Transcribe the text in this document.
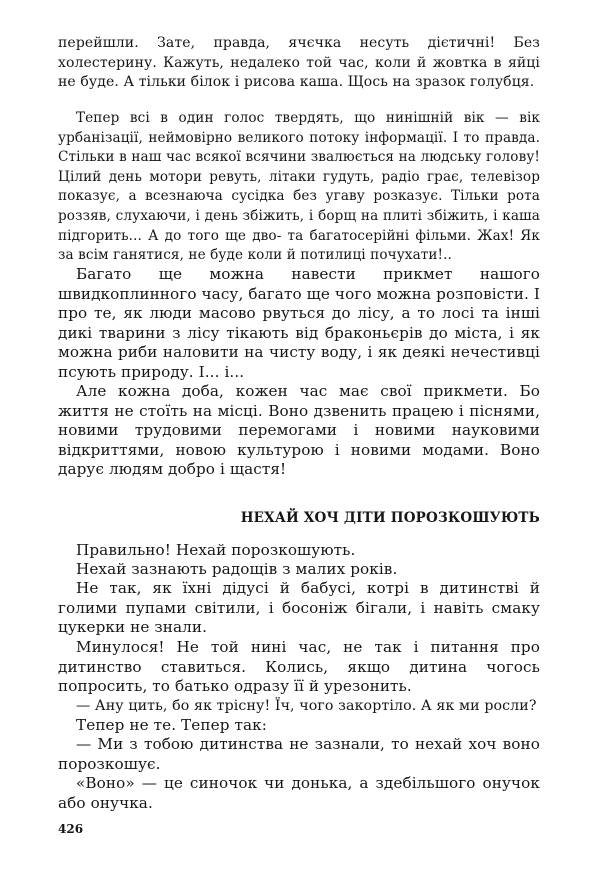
перейшли. Зате, правда, ячєчка несуть дієтичні! Без холестерину. Кажуть, недалеко той час, коли й жовтка в яйці не буде. А тільки білок і рисова каша. Щось на зразок голубця.

Тепер всі в один голос твердять, що нинішній вік — вік урбанізації, неймовірно великого потоку інформації. І то правда. Стільки в наш час всякої всячини звалюється на людську голову! Цілий день мотори ревуть, літаки гудуть, радіо грає, телевізор показує, а всезнаюча сусідка без угаву розказує. Тільки рота роззяв, слухаючи, і день збіжить, і борщ на плиті збіжить, і каша підгорить... А до того ще дво- та багатосерійні фільми. Жах! Як за всім ганятися, не буде коли й потилиці почухати!..

Багато ще можна навести прикмет нашого швидкоплинного часу, багато ще чого можна розповісти. І про те, як люди масово рвуться до лісу, а то лосі та інші дикі тварини з лісу тікають від браконьєрів до міста, і як можна риби наловити на чисту воду, і як деякі нечестивці псують природу. І... і...

Але кожна доба, кожен час має свої прикмети. Бо життя не стоїть на місці. Воно дзвенить працею і піснями, новими трудовими перемогами і новими науковими відкриттями, новою культурою і новими модами. Воно дарує людям добро і щастя!

НЕХАЙ ХОЧ ДІТИ ПОРОЗКОШУЮТЬ

Правильно! Нехай порозкошують.

Нехай зазнають радощів з малих років.

Не так, як їхні дідусі й бабусі, котрі в дитинстві й голими пупами світили, і босоніж бігали, і навіть смаку цукерки не знали.

Минулося! Не той нині час, не так і питання про дитинство ставиться. Колись, якщо дитина чогось попросить, то батько одразу її й урезонить.

— Ану цить, бо як трісну! Їч, чого закортіло. А як ми росли?

Тепер не те. Тепер так:

— Ми з тобою дитинства не зазнали, то нехай хоч воно порозкошує.

«Воно» — це синочок чи донька, а здебільшого онучок або онучка.

426
